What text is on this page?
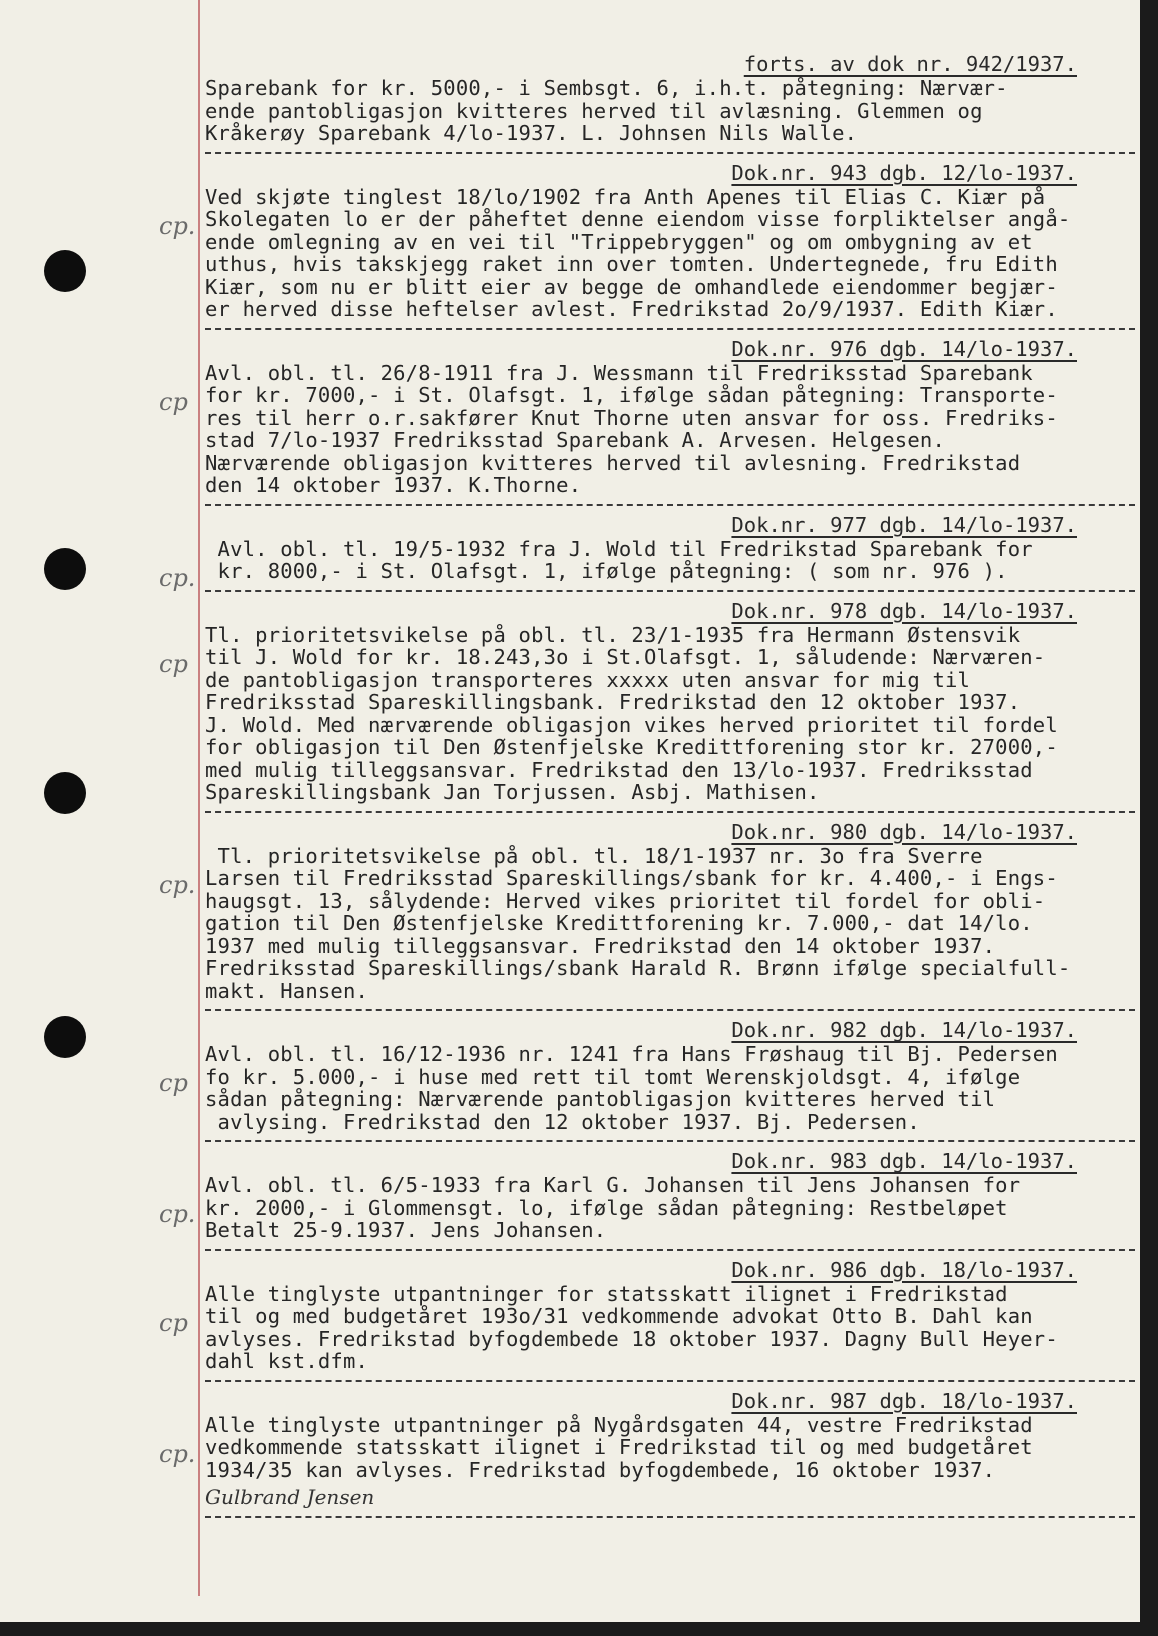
forts. av dok nr. 942/1937.
Sparebank for kr. 5000,- i Sembsgt. 6, i.h.t. påtegning: Nærvær-
ende pantobligasjon kvitteres herved til avlæsning. Glemmen og
Kråkerøy Sparebank 4/lo-1937. L. Johnsen Nils Walle.
Dok.nr. 943 dgb. 12/lo-1937.
cp.
Ved skjøte tinglest 18/lo/1902 fra Anth Apenes til Elias C. Kiær på
Skolegaten lo er der påheftet denne eiendom visse forpliktelser angå-
ende omlegning av en vei til "Trippebryggen" og om ombygning av et
uthus, hvis takskjegg raket inn over tomten. Undertegnede, fru Edith
Kiær, som nu er blitt eier av begge de omhandlede eiendommer begjær-
er herved disse heftelser avlest. Fredrikstad 2o/9/1937. Edith Kiær.
Dok.nr. 976 dgb. 14/lo-1937.
cp
Avl. obl. tl. 26/8-1911 fra J. Wessmann til Fredriksstad Sparebank
for kr. 7000,- i St. Olafsgt. 1, ifølge sådan påtegning: Transporte-
res til herr o.r.sakfører Knut Thorne uten ansvar for oss. Fredriks-
stad 7/lo-1937 Fredriksstad Sparebank A. Arvesen. Helgesen.
Nærværende obligasjon kvitteres herved til avlesning. Fredrikstad
den 14 oktober 1937. K.Thorne.
Dok.nr. 977 dgb. 14/lo-1937.
cp.
Avl. obl. tl. 19/5-1932 fra J. Wold til Fredrikstad Sparebank for
kr. 8000,- i St. Olafsgt. 1, ifølge påtegning: ( som nr. 976 ).
Dok.nr. 978 dgb. 14/lo-1937.
cp
Tl. prioritetsvikelse på obl. tl. 23/1-1935 fra Hermann Østensvik
til J. Wold for kr. 18.243,3o i St.Olafsgt. 1, såludende: Nærværen-
de pantobligasjon transporteres xxxxx uten ansvar for mig til
Fredriksstad Spareskillingsbank. Fredrikstad den 12 oktober 1937.
J. Wold. Med nærværende obligasjon vikes herved prioritet til fordel
for obligasjon til Den Østenfjelske Kredittforening stor kr. 27000,-
med mulig tilleggsansvar. Fredrikstad den 13/lo-1937. Fredriksstad
Spareskillingsbank Jan Torjussen. Asbj. Mathisen.
Dok.nr. 980 dgb. 14/lo-1937.
cp.
Tl. prioritetsvikelse på obl. tl. 18/1-1937 nr. 3o fra Sverre
Larsen til Fredriksstad Spareskillings/sbank for kr. 4.400,- i Engs-
haugsgt. 13, sålydende: Herved vikes prioritet til fordel for obli-
gation til Den Østenfjelske Kredittforening kr. 7.000,- dat 14/lo.
1937 med mulig tilleggsansvar. Fredrikstad den 14 oktober 1937.
Fredriksstad Spareskillings/sbank Harald R. Brønn ifølge specialfull-
makt. Hansen.
Dok.nr. 982 dgb. 14/lo-1937.
cp
Avl. obl. tl. 16/12-1936 nr. 1241 fra Hans Frøshaug til Bj. Pedersen
fo kr. 5.000,- i huse med rett til tomt Werenskjoldsgt. 4, ifølge
sådan påtegning: Nærværende pantobligasjon kvitteres herved til
avlysing. Fredrikstad den 12 oktober 1937. Bj. Pedersen.
Dok.nr. 983 dgb. 14/lo-1937.
cp.
Avl. obl. tl. 6/5-1933 fra Karl G. Johansen til Jens Johansen for
kr. 2000,- i Glommensgt. lo, ifølge sådan påtegning: Restbeløpet
Betalt 25-9.1937. Jens Johansen.
Dok.nr. 986 dgb. 18/lo-1937.
cp
Alle tinglyste utpantninger for statsskatt ilignet i Fredrikstad
til og med budgetåret 193o/31 vedkommende advokat Otto B. Dahl kan
avlyses. Fredrikstad byfogdembede 18 oktober 1937. Dagny Bull Heyer-
dahl kst.dfm.
Dok.nr. 987 dgb. 18/lo-1937.
cp.
Alle tinglyste utpantninger på Nygårdsgaten 44, vestre Fredrikstad
vedkommende statsskatt ilignet i Fredrikstad til og med budgetåret
1934/35 kan avlyses. Fredrikstad byfogdembede, 16 oktober 1937.
Gulbrand Jensen
